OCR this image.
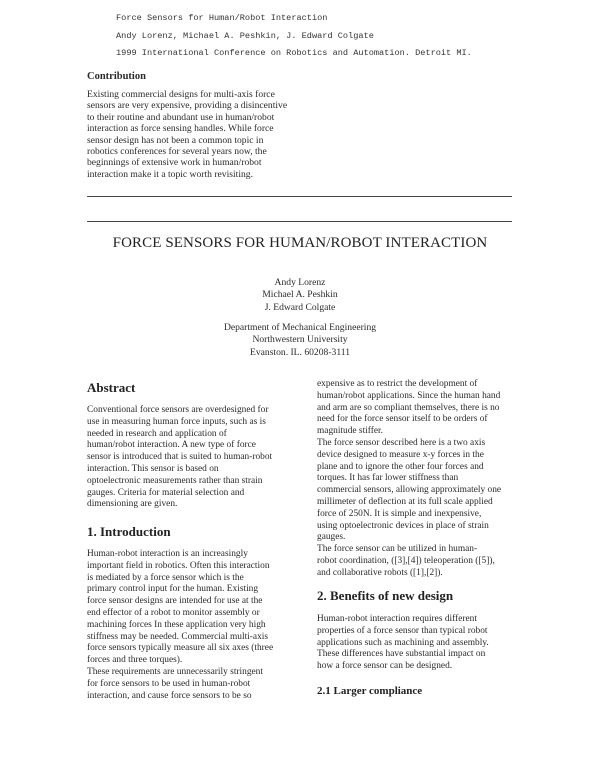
Force Sensors for Human/Robot Interaction
Andy Lorenz, Michael A. Peshkin, J. Edward Colgate
1999 International Conference on Robotics and Automation. Detroit MI.
Contribution
Existing commercial designs for multi-axis force
sensors are very expensive, providing a disincentive
to their routine and abundant use in human/robot
interaction as force sensing handles. While force
sensor design has not been a common topic in
robotics conferences for several years now, the
beginnings of extensive work in human/robot
interaction make it a topic worth revisiting.
FORCE SENSORS FOR HUMAN/ROBOT INTERACTION
Andy Lorenz
Michael A. Peshkin
J. Edward Colgate
Department of Mechanical Engineering
Northwestern University
Evanston. IL. 60208-3111
Abstract
Conventional force sensors are overdesigned for
use in measuring human force inputs, such as is
needed in research and application of
human/robot interaction. A new type of force
sensor is introduced that is suited to human-robot
interaction. This sensor is based on
optoelectronic measurements rather than strain
gauges. Criteria for material selection and
dimensioning are given.
1. Introduction
Human-robot interaction is an increasingly
important field in robotics. Often this interaction
is mediated by a force sensor which is the
primary control input for the human. Existing
force sensor designs are intended for use at the
end effector of a robot to monitor assembly or
machining forces In these application very high
stiffness may be needed. Commercial multi-axis
force sensors typically measure all six axes (three
forces and three torques).
These requirements are unnecessarily stringent
for force sensors to be used in human-robot
interaction, and cause force sensors to be so
expensive as to restrict the development of
human/robot applications. Since the human hand
and arm are so compliant themselves, there is no
need for the force sensor itself to be orders of
magnitude stiffer.
The force sensor described here is a two axis
device designed to measure x-y forces in the
plane and to ignore the other four forces and
torques. It has far lower stiffness than
commercial sensors, allowing approximately one
millimeter of deflection at its full scale applied
force of 250N. It is simple and inexpensive,
using optoelectronic devices in place of strain
gauges.
The force sensor can be utilized in human-
robot coordination, ([3],[4]) teleoperation ([5]),
and collaborative robots ([1],[2]).
2. Benefits of new design
Human-robot interaction requires different
properties of a force sensor than typical robot
applications such as machining and assembly.
These differences have substantial impact on
how a force sensor can be designed.
2.1 Larger compliance
